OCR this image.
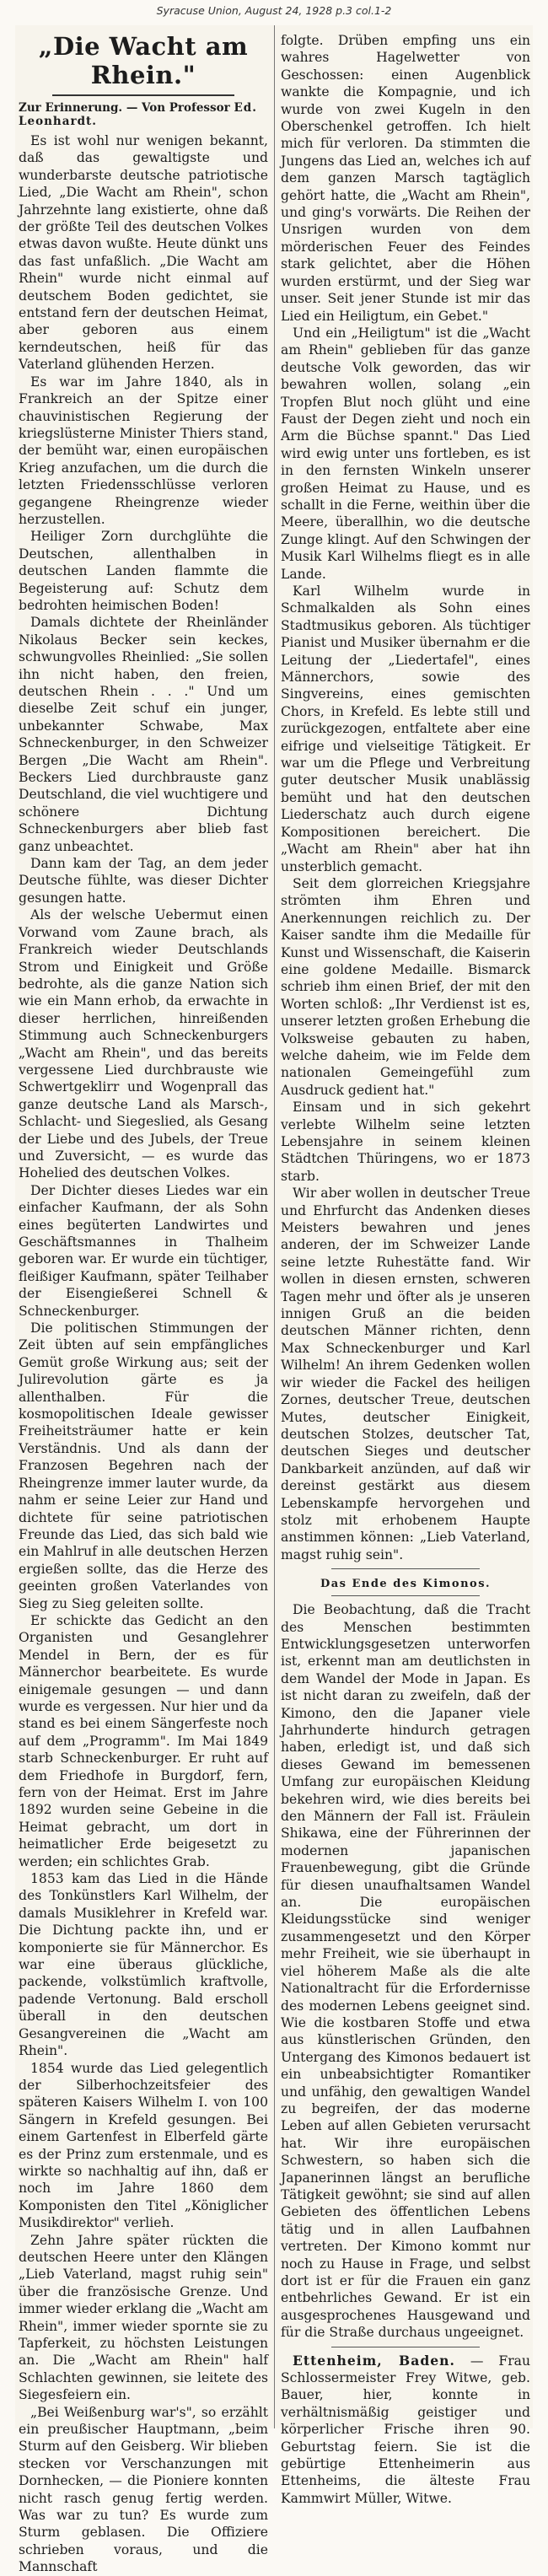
Syracuse Union, August 24, 1928 p.3 col.1-2
„Die Wacht am Rhein."
Zur Erinnerung. — Von Professor Ed. Leonhardt.

Es ist wohl nur wenigen bekannt, daß das gewaltigste und wunderbarste deutsche patriotische Lied, „Die Wacht am Rhein", schon Jahrzehnte lang existierte, ohne daß der größte Teil des deutschen Volkes etwas davon wußte. Heute dünkt uns das fast unfaßlich. „Die Wacht am Rhein" wurde nicht einmal auf deutschem Boden gedichtet, sie entstand fern der deutschen Heimat, aber geboren aus einem kerndeutschen, heiß für das Vaterland glühenden Herzen.

Es war im Jahre 1840, als in Frankreich an der Spitze einer chauvinistischen Regierung der kriegslüsterne Minister Thiers stand, der bemüht war, einen europäischen Krieg anzufachen, um die durch die letzten Friedensschlüsse verloren gegangene Rheingrenze wieder herzustellen.

Heiliger Zorn durchglühte die Deutschen, allenthalben in deutschen Landen flammte die Begeisterung auf: Schutz dem bedrohten heimischen Boden!

Damals dichtete der Rheinländer Nikolaus Becker sein keckes, schwungvolles Rheinlied: „Sie sollen ihn nicht haben, den freien, deutschen Rhein . . ." Und um dieselbe Zeit schuf ein junger, unbekannter Schwabe, Max Schneckenburger, in den Schweizer Bergen „Die Wacht am Rhein". Beckers Lied durchbrauste ganz Deutschland, die viel wuchtigere und schönere Dichtung Schneckenburgers aber blieb fast ganz unbeachtet.

Dann kam der Tag, an dem jeder Deutsche fühlte, was dieser Dichter gesungen hatte.

Als der welsche Uebermut einen Vorwand vom Zaune brach, als Frankreich wieder Deutschlands Strom und Einigkeit und Größe bedrohte, als die ganze Nation sich wie ein Mann erhob, da erwachte in dieser herrlichen, hinreißenden Stimmung auch Schneckenburgers „Wacht am Rhein", und das bereits vergessene Lied durchbrauste wie Schwertgeklirr und Wogenprall das ganze deutsche Land als Marsch-, Schlacht- und Siegeslied, als Gesang der Liebe und des Jubels, der Treue und Zuversicht, — es wurde das Hohelied des deutschen Volkes.

Der Dichter dieses Liedes war ein einfacher Kaufmann, der als Sohn eines begüterten Landwirtes und Geschäftsmannes in Thalheim geboren war. Er wurde ein tüchtiger, fleißiger Kaufmann, später Teilhaber der Eisengießerei Schnell & Schneckenburger.

Die politischen Stimmungen der Zeit übten auf sein empfängliches Gemüt große Wirkung aus; seit der Julirevolution gärte es ja allenthalben. Für die kosmopolitischen Ideale gewisser Freiheitsträumer hatte er kein Verständnis. Und als dann der Franzosen Begehren nach der Rheingrenze immer lauter wurde, da nahm er seine Leier zur Hand und dichtete für seine patriotischen Freunde das Lied, das sich bald wie ein Mahlruf in alle deutschen Herzen ergießen sollte, das die Herze des geeinten großen Vaterlandes von Sieg zu Sieg geleiten sollte.

Er schickte das Gedicht an den Organisten und Gesanglehrer Mendel in Bern, der es für Männerchor bearbeitete. Es wurde einigemale gesungen — und dann wurde es vergessen. Nur hier und da stand es bei einem Sängerfeste noch auf dem „Programm". Im Mai 1849 starb Schneckenburger. Er ruht auf dem Friedhofe in Burgdorf, fern, fern von der Heimat. Erst im Jahre 1892 wurden seine Gebeine in die Heimat gebracht, um dort in heimatlicher Erde beigesetzt zu werden; ein schlichtes Grab.

1853 kam das Lied in die Hände des Tonkünstlers Karl Wilhelm, der damals Musiklehrer in Krefeld war. Die Dichtung packte ihn, und er komponierte sie für Männerchor. Es war eine überaus glückliche, packende, volkstümlich kraftvolle, padende Vertonung. Bald erscholl überall in den deutschen Gesangvereinen die „Wacht am Rhein".

1854 wurde das Lied gelegentlich der Silberhochzeitsfeier des späteren Kaisers Wilhelm I. von 100 Sängern in Krefeld gesungen. Bei einem Gartenfest in Elberfeld gärte es der Prinz zum erstenmale, und es wirkte so nachhaltig auf ihn, daß er noch im Jahre 1860 dem Komponisten den Titel „Königlicher Musikdirektor" verlieh.

Zehn Jahre später rückten die deutschen Heere unter den Klängen „Lieb Vaterland, magst ruhig sein" über die französische Grenze. Und immer wieder erklang die „Wacht am Rhein", immer wieder spornte sie zu Tapferkeit, zu höchsten Leistungen an. Die „Wacht am Rhein" half Schlachten gewinnen, sie leitete des Siegesfeiern ein.

„Bei Weißenburg war's", so erzählt ein preußischer Hauptmann, „beim Sturm auf den Geisberg. Wir blieben stecken vor Verschanzungen mit Dornhecken, — die Pioniere konnten nicht rasch genug fertig werden. Was war zu tun? Es wurde zum Sturm geblasen. Die Offiziere schrieben voraus, und die Mannschaft

folgte. Drüben empfing uns ein wahres Hagelwetter von Geschossen: einen Augenblick wankte die Kompagnie, und ich wurde von zwei Kugeln in den Oberschenkel getroffen. Ich hielt mich für verloren. Da stimmten die Jungens das Lied an, welches ich auf dem ganzen Marsch tagtäglich gehört hatte, die „Wacht am Rhein", und ging's vorwärts. Die Reihen der Unsrigen wurden von dem mörderischen Feuer des Feindes stark gelichtet, aber die Höhen wurden erstürmt, und der Sieg war unser. Seit jener Stunde ist mir das Lied ein Heiligtum, ein Gebet."

Und ein „Heiligtum" ist die „Wacht am Rhein" geblieben für das ganze deutsche Volk geworden, das wir bewahren wollen, solang „ein Tropfen Blut noch glüht und eine Faust der Degen zieht und noch ein Arm die Büchse spannt." Das Lied wird ewig unter uns fortleben, es ist in den fernsten Winkeln unserer großen Heimat zu Hause, und es schallt in die Ferne, weithin über die Meere, überallhin, wo die deutsche Zunge klingt. Auf den Schwingen der Musik Karl Wilhelms fliegt es in alle Lande.

Karl Wilhelm wurde in Schmalkalden als Sohn eines Stadtmusikus geboren. Als tüchtiger Pianist und Musiker übernahm er die Leitung der „Liedertafel", eines Männerchors, sowie des Singvereins, eines gemischten Chors, in Krefeld. Es lebte still und zurückgezogen, entfaltete aber eine eifrige und vielseitige Tätigkeit. Er war um die Pflege und Verbreitung guter deutscher Musik unablässig bemüht und hat den deutschen Liederschatz auch durch eigene Kompositionen bereichert. Die „Wacht am Rhein" aber hat ihn unsterblich gemacht.

Seit dem glorreichen Kriegsjahre strömten ihm Ehren und Anerkennungen reichlich zu. Der Kaiser sandte ihm die Medaille für Kunst und Wissenschaft, die Kaiserin eine goldene Medaille. Bismarck schrieb ihm einen Brief, der mit den Worten schloß: „Ihr Verdienst ist es, unserer letzten großen Erhebung die Volksweise gebauten zu haben, welche daheim, wie im Felde dem nationalen Gemeingefühl zum Ausdruck gedient hat."

Einsam und in sich gekehrt verlebte Wilhelm seine letzten Lebensjahre in seinem kleinen Städtchen Thüringens, wo er 1873 starb.

Wir aber wollen in deutscher Treue und Ehrfurcht das Andenken dieses Meisters bewahren und jenes anderen, der im Schweizer Lande seine letzte Ruhestätte fand. Wir wollen in diesen ernsten, schweren Tagen mehr und öfter als je unseren innigen Gruß an die beiden deutschen Männer richten, denn Max Schneckenburger und Karl Wilhelm! An ihrem Gedenken wollen wir wieder die Fackel des heiligen Zornes, deutscher Treue, deutschen Mutes, deutscher Einigkeit, deutschen Stolzes, deutscher Tat, deutschen Sieges und deutscher Dankbarkeit anzünden, auf daß wir dereinst gestärkt aus diesem Lebenskampfe hervorgehen und stolz mit erhobenem Haupte anstimmen können: „Lieb Vaterland, magst ruhig sein".

Das Ende des Kimonos.

Die Beobachtung, daß die Tracht des Menschen bestimmten Entwicklungsgesetzen unterworfen ist, erkennt man am deutlichsten in dem Wandel der Mode in Japan. Es ist nicht daran zu zweifeln, daß der Kimono, den die Japaner viele Jahrhunderte hindurch getragen haben, erledigt ist, und daß sich dieses Gewand im bemessenen Umfang zur europäischen Kleidung bekehren wird, wie dies bereits bei den Männern der Fall ist. Fräulein Shikawa, eine der Führerinnen der modernen japanischen Frauenbewegung, gibt die Gründe für diesen unaufhaltsamen Wandel an. Die europäischen Kleidungsstücke sind weniger zusammengesetzt und den Körper mehr Freiheit, wie sie überhaupt in viel höherem Maße als die alte Nationaltracht für die Erfordernisse des modernen Lebens geeignet sind. Wie die kostbaren Stoffe und etwa aus künstlerischen Gründen, den Untergang des Kimonos bedauert ist ein unbeabsichtigter Romantiker und unfähig, den gewaltigen Wandel zu begreifen, der das moderne Leben auf allen Gebieten verursacht hat. Wir ihre europäischen Schwestern, so haben sich die Japanerinnen längst an berufliche Tätigkeit gewöhnt; sie sind auf allen Gebieten des öffentlichen Lebens tätig und in allen Laufbahnen vertreten. Der Kimono kommt nur noch zu Hause in Frage, und selbst dort ist er für die Frauen ein ganz entbehrliches Gewand. Er ist ein ausgesprochenes Hausgewand und für die Straße durchaus ungeeignet.

Ettenheim, Baden. — Frau Schlossermeister Frey Witwe, geb. Bauer, hier, konnte in verhältnismäßig geistiger und körperlicher Frische ihren 90. Geburtstag feiern. Sie ist die gebürtige Ettenheimerin aus Ettenheims, die älteste Frau Kammwirt Müller, Witwe.
